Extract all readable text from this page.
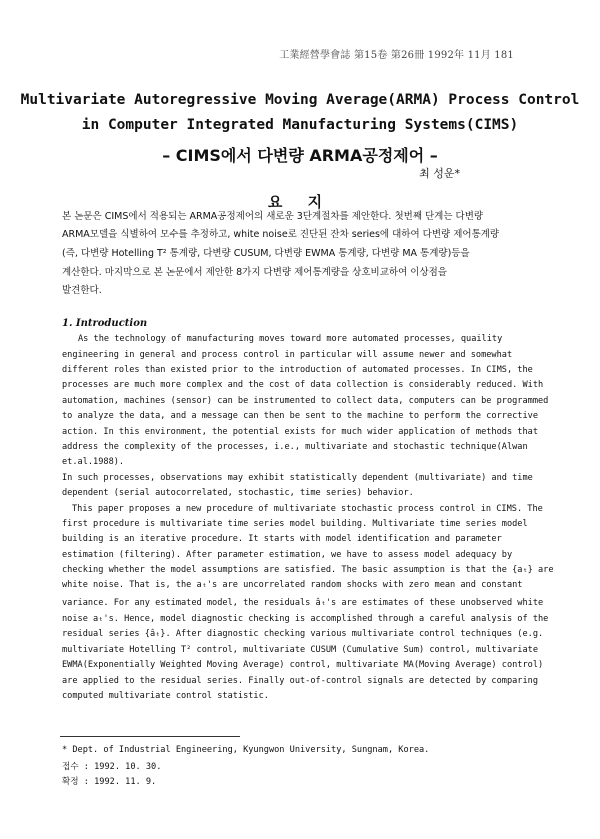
工業經營學會誌 第15卷 第26冊 1992年 11月 181
Multivariate Autoregressive Moving Average(ARMA) Process Control
in Computer Integrated Manufacturing Systems(CIMS)
– CIMS에서 다변량 ARMA공정제어 –
최 성운*
요 지
본 논문은 CIMS에서 적용되는 ARMA공정제어의 새로운 3단계절차를 제안한다. 첫번째 단계는 다변량
ARMA모델을 식별하여 모수를 추정하고, white noise로 진단된 잔차 series에 대하여 다변량 제어통계량
(즉, 다변량 Hotelling T² 통계량, 다변량 CUSUM, 다변량 EWMA 통계량, 다변량 MA 통계량)등을
계산한다. 마지막으로 본 논문에서 제안한 8가지 다변량 제어통계량을 상호비교하여 이상점을
발견한다.
1. Introduction
As the technology of manufacturing moves toward more automated processes, quaility
engineering in general and process control in particular will assume newer and somewhat
different roles than existed prior to the introduction of automated processes. In CIMS, the
processes are much more complex and the cost of data collection is considerably reduced. With
automation, machines (sensor) can be instrumented to collect data, computers can be programmed
to analyze the data, and a message can then be sent to the machine to perform the corrective
action. In this environment, the potential exists for much wider application of methods that
address the complexity of the processes, i.e., multivariate and stochastic technique(Alwan
et.al.1988).
In such processes, observations may exhibit statistically dependent (multivariate) and time
dependent (serial autocorrelated, stochastic, time series) behavior.
This paper proposes a new procedure of multivariate stochastic process control in CIMS. The
first procedure is multivariate time series model building. Multivariate time series model
building is an iterative procedure. It starts with model identification and parameter
estimation (filtering). After parameter estimation, we have to assess model adequacy by
checking whether the model assumptions are satisfied. The basic assumption is that the {aₜ} are
white noise. That is, the aₜ's are uncorrelated random shocks with zero mean and constant
variance. For any estimated model, the residuals âₜ's are estimates of these unobserved white
noise aₜ's. Hence, model diagnostic checking is accomplished through a careful analysis of the
residual series {âₜ}. After diagnostic checking various multivariate control techniques (e.g.
multivariate Hotelling T² control, multivariate CUSUM (Cumulative Sum) control, multivariate
EWMA(Exponentially Weighted Moving Average) control, multivariate MA(Moving Average) control)
are applied to the residual series. Finally out-of-control signals are detected by comparing
computed multivariate control statistic.
* Dept. of Industrial Engineering, Kyungwon University, Sungnam, Korea.
접수 : 1992. 10. 30.
확정 : 1992. 11. 9.
